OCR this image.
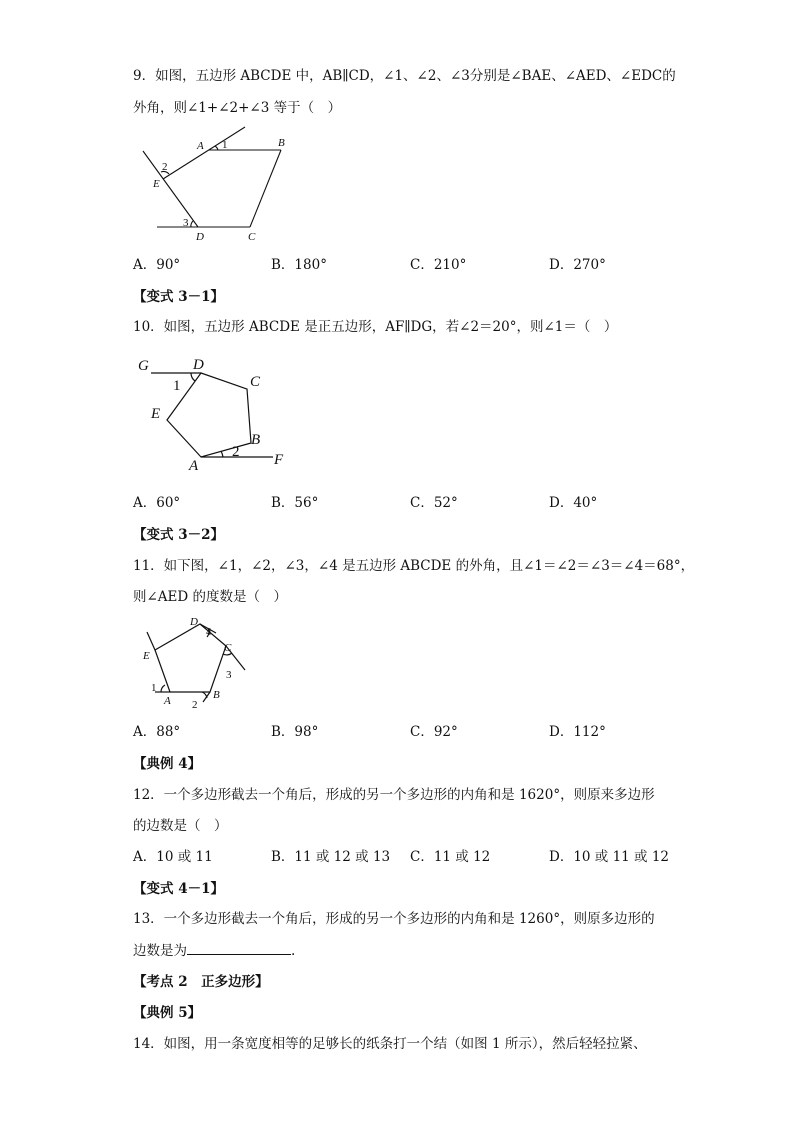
9．如图，五边形 ABCDE 中，AB∥CD，∠1、∠2、∠3分别是∠BAE、∠AED、∠EDC的
外角，则∠1+∠2+∠3 等于（　）
A	B
C
D
E
1
2
3
A．90°	B．180°	C．210°	D．270°
【变式 3－1】
10．如图，五边形 ABCDE 是正五边形，AF∥DG，若∠2＝20°，则∠1＝（　）
G	D
C
E
B
A	F
1
2
A．60°	B．56°	C．52°	D．40°
【变式 3－2】
11．如下图，∠1，∠2，∠3，∠4 是五边形 ABCDE 的外角，且∠1＝∠2＝∠3＝∠4＝68°，
则∠AED 的度数是（　）
D
C
E
A	B
1
2
3
4
A．88°	B．98°	C．92°	D．112°
【典例 4】
12．一个多边形截去一个角后，形成的另一个多边形的内角和是 1620°，则原来多边形
的边数是（　）
A．10 或 11	B．11 或 12 或 13 C．11 或 12	D．10 或 11 或 12
【变式 4－1】
13．一个多边形截去一个角后，形成的另一个多边形的内角和是 1260°，则原多边形的
边数是为	.
【考点 2　正多边形】
【典例 5】
14．如图，用一条宽度相等的足够长的纸条打一个结（如图 1 所示），然后轻轻拉紧、
